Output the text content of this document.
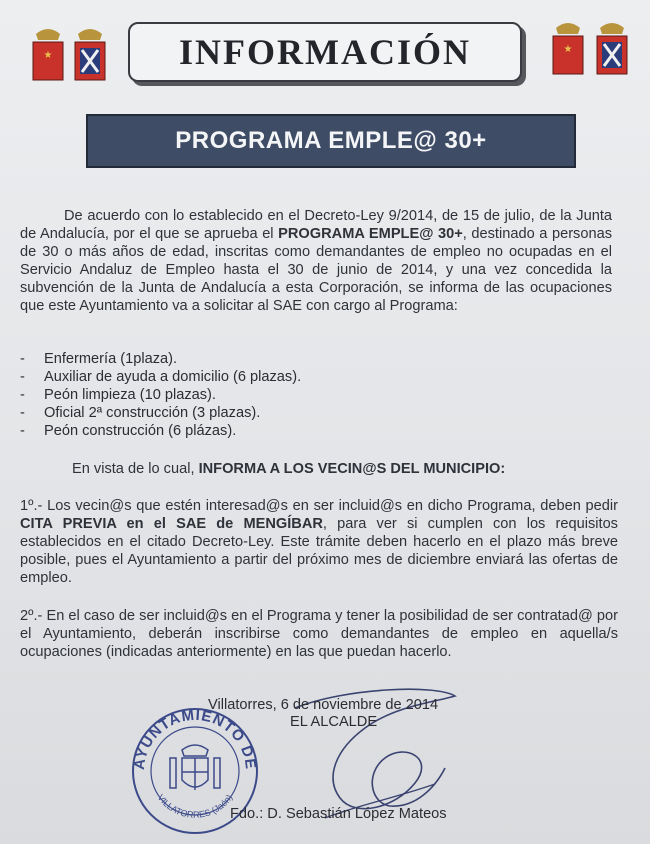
★
★
INFORMACIÓN
PROGRAMA EMPLE@ 30+
De acuerdo con lo establecido en el Decreto-Ley 9/2014, de 15 de julio, de la Junta de Andalucía, por el que se aprueba el PROGRAMA EMPLE@ 30+, destinado a personas de 30 o más años de edad, inscritas como demandantes de empleo no ocupadas en el Servicio Andaluz de Empleo hasta el 30 de junio de 2014, y una vez concedida la subvención de la Junta de Andalucía a esta Corporación, se informa de las ocupaciones que este Ayuntamiento va a solicitar al SAE con cargo al Programa:
- Enfermería (1plaza).
- Auxiliar de ayuda a domicilio (6 plazas).
- Peón limpieza (10 plazas).
- Oficial 2ª construcción (3 plazas).
- Peón construcción (6 plázas).
En vista de lo cual, INFORMA A LOS VECIN@S DEL MUNICIPIO:
1º.- Los vecin@s que estén interesad@s en ser incluid@s en dicho Programa, deben pedir CITA PREVIA en el SAE de MENGÍBAR, para ver si cumplen con los requisitos establecidos en el citado Decreto-Ley. Este trámite deben hacerlo en el plazo más breve posible, pues el Ayuntamiento a partir del próximo mes de diciembre enviará las ofertas de empleo.
2º.- En el caso de ser incluid@s en el Programa y tener la posibilidad de ser contratad@ por el Ayuntamiento, deberán inscribirse como demandantes de empleo en aquella/s ocupaciones (indicadas anteriormente) en las que puedan hacerlo.
AYUNTAMIENTO DE
VILLATORRES (Jaén)
Villatorres, 6 de noviembre de 2014
EL ALCALDE
Fdo.: D. Sebastián López Mateos
